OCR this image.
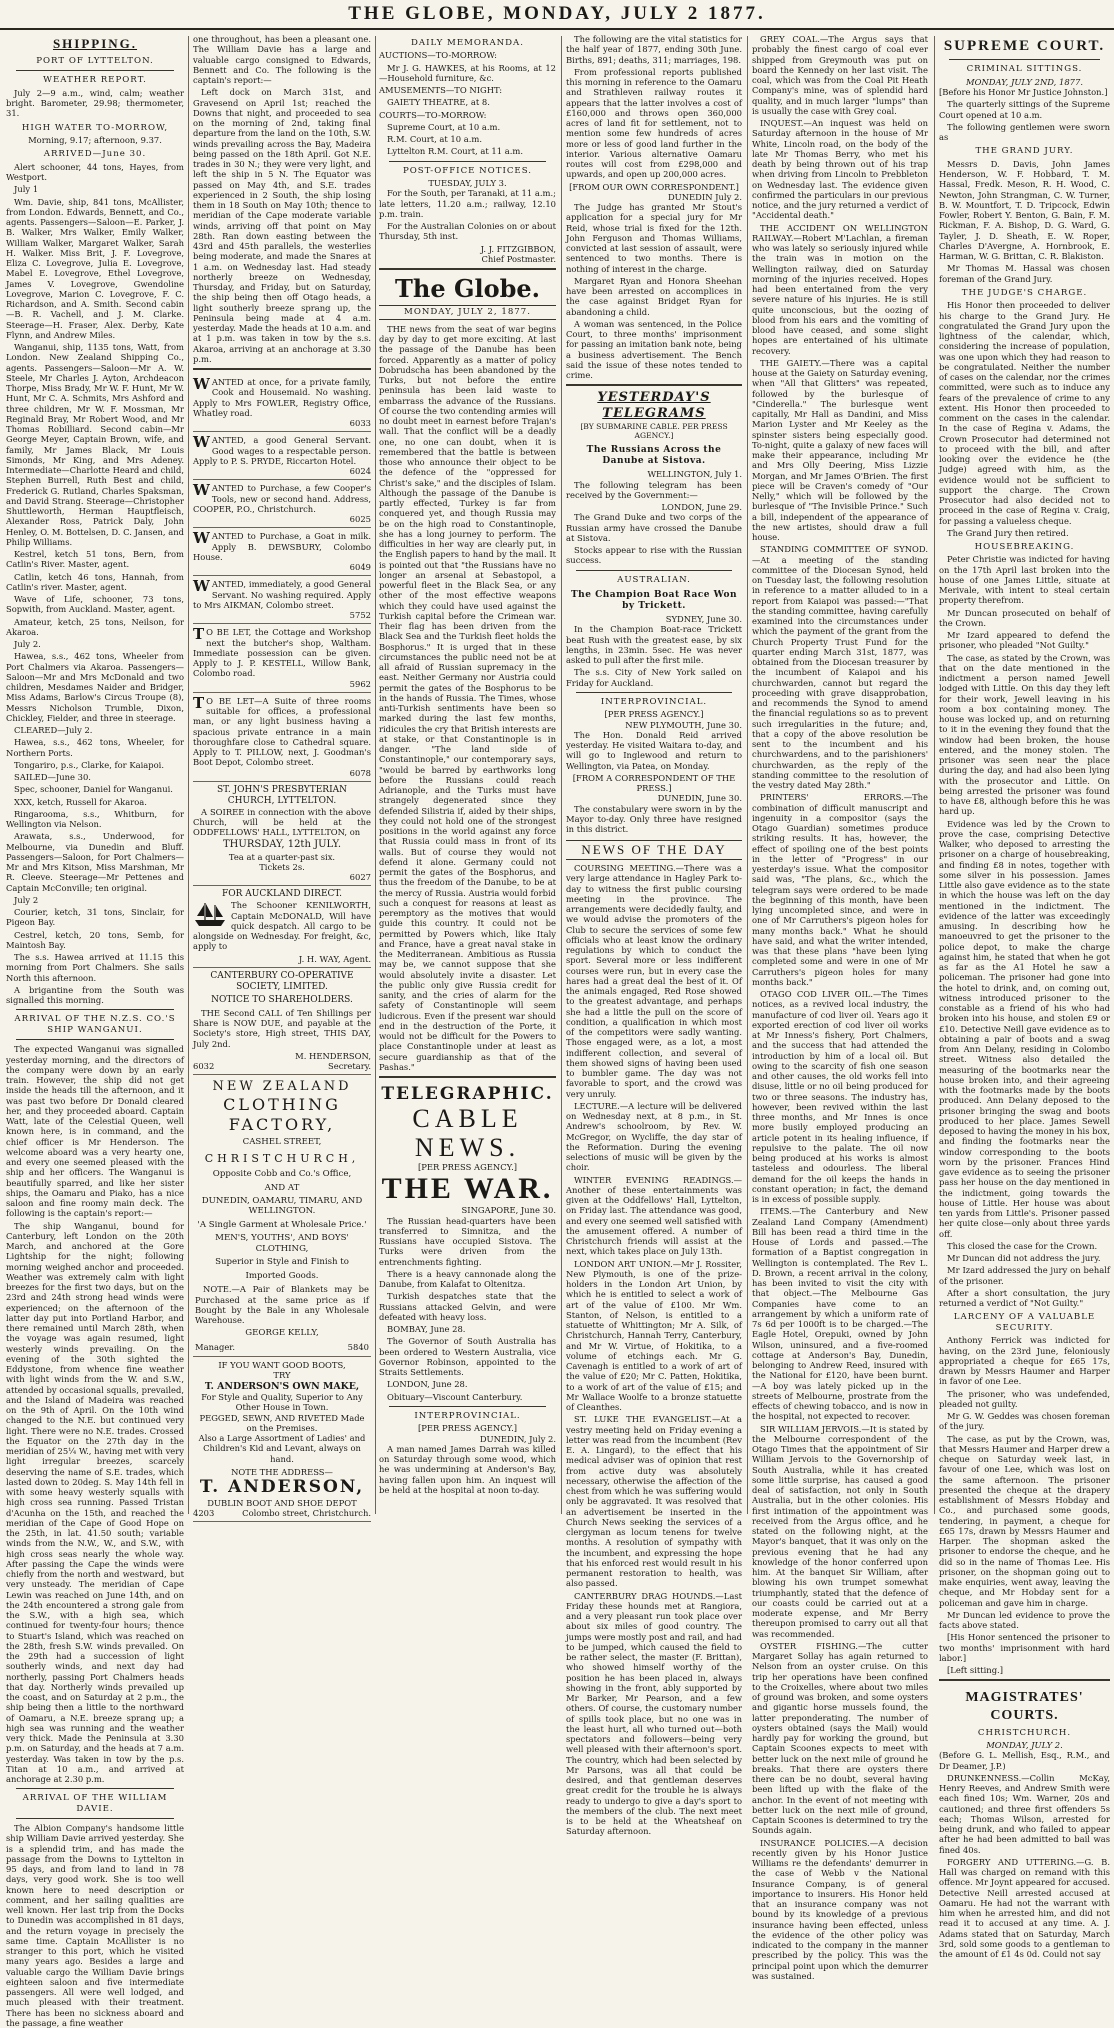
THE GLOBE, MONDAY, JULY 2 1877.
SHIPPING.
PORT OF LYTTELTON.
WEATHER REPORT.

July 2—9 a.m., wind, calm; weather bright. Barometer, 29.98; thermometer, 31.

HIGH WATER TO-MORROW,

Morning, 9.17; afternoon, 9.37.

ARRIVED—June 30.

Alert schooner, 44 tons, Hayes, from Westport.

July 1

Wm. Davie, ship, 841 tons, McAllister, from London. Edwards, Bennett, and Co., agents. Passengers—Saloon—E. Parker, J. B. Walker, Mrs Walker, Emily Walker, William Walker, Margaret Walker, Sarah H. Walker. Miss Brit, J. F. Lovegrove, Eliza C. Lovegrove, Julia E. Lovegrove, Mabel E. Lovegrove, Ethel Lovegrove, James V. Lovegrove, Gwendoline Lovegrove, Marion C. Lovegrove, F. C. Richardson, and A. Smith. Second cabin—B. R. Vachell, and J. M. Clarke. Steerage—H. Fraser, Alex. Derby, Kate Flynn, and Andrew Miles.

Wanganui, ship, 1135 tons, Watt, from London. New Zealand Shipping Co., agents. Passengers—Saloon—Mr A. W. Steele, Mr Charles J. Ayton, Archdeacon Thorpe, Miss Brady, Mr W. F. Hunt, Mr W. Hunt, Mr C. A. Schmits, Mrs Ashford and three children, Mr W. F. Mossman, Mr Reginald Bray, Mr Robert Wood, and Mr Thomas Robilliard. Second cabin—Mr George Meyer, Captain Brown, wife, and family, Mr James Black, Mr Louis Simonds, Mr King, and Mrs Adeney. Intermediate—Charlotte Heard and child, Stephen Burrell, Ruth Best and child, Frederick G. Rutland, Charles Spaksman, and David Strang. Steerage—Christopher Shuttleworth, Herman Hauptfleisch, Alexander Ross, Patrick Daly, John Henley, O. M. Bottelsen, D. C. Jansen, and Philip Williams.

Kestrel, ketch 51 tons, Bern, from Catlin's River. Master, agent.

Catlin, ketch 46 tons, Hannah, from Catlin's river. Master, agent.

Wave of Life, schooner, 73 tons, Sopwith, from Auckland. Master, agent.

Amateur, ketch, 25 tons, Neilson, for Akaroa.

July 2.

Hawea, s.s., 462 tons, Wheeler from Port Chalmers via Akaroa. Passengers—Saloon—Mr and Mrs McDonald and two children, Mesdames Naider and Bridger, Miss Adams, Barlow's Circus Troupe (8), Messrs Nicholson Trumble, Dixon, Chickley, Fielder, and three in steerage.

CLEARED—July 2.

Hawea, s.s., 462 tons, Wheeler, for Northern Ports.

Tongariro, p.s., Clarke, for Kaiapoi.

SAILED—June 30.

Spec, schooner, Daniel for Wanganui.

XXX, ketch, Russell for Akaroa.

Ringarooma, s.s., Whitburn, for Wellington via Nelson.

Arawata, s.s., Underwood, for Melbourne, via Dunedin and Bluff. Passengers—Saloon, for Port Chalmers—Mr and Mrs Kitson, Miss Marshman, Mr R. Cleeve. Steerage—Mr Pettenes and Captain McConville; ten original.

July 2

Courier, ketch, 31 tons, Sinclair, for Pigeon Bay.

Cestrel, ketch, 20 tons, Semb, for Maintosh Bay.

The s.s. Hawea arrived at 11.15 this morning from Port Chalmers. She sails North this afternoon.

A brigantine from the South was signalled this morning.

ARRIVAL OF THE N.Z.S. CO.'S SHIP WANGANUI.

The expected Wanganui was signalled yesterday morning, and the directors of the company were down by an early train. However, the ship did not get inside the heads till the afternoon, and it was past two before Dr Donald cleared her, and they proceeded aboard. Captain Watt, late of the Celestial Queen, well known here, is in command, and the chief officer is Mr Henderson. The welcome aboard was a very hearty one, and every one seemed pleased with the ship and her officers. The Wanganui is beautifully sparred, and like her sister ships, the Oamaru and Piako, has a nice saloon and fine roomy main deck. The following is the captain's report:—

The ship Wanganui, bound for Canterbury, left London on the 20th March, and anchored at the Gore Lightship for the night; following morning weighed anchor and proceeded. Weather was extremely calm with light breezes for the first two days, but on the 23rd and 24th strong head winds were experienced; on the afternoon of the latter day put into Portland Harbor, and there remained until March 28th, when the voyage was again resumed, light westerly winds prevailing. On the evening of the 30th sighted the Eddystone, from whence fine weather with light winds from the W. and S.W., attended by occasional squalls, prevailed, and the Island of Madeira was reached on the 9th of April. On the 10th wind changed to the N.E. but continued very light. There were no N.E. trades. Crossed the Equator on the 27th day in the meridian of 25¼ W., having met with very light irregular breezes, scarcely deserving the name of S.E. trades, which lasted down to 20deg. S. May 14th fell in with some heavy westerly squalls with high cross sea running. Passed Tristan d'Acunha on the 15th, and reached the meridian of the Cape of Good Hope on the 25th, in lat. 41.50 south; variable winds from the N.W., W., and S.W., with high cross seas nearly the whole way. After passing the Cape the winds were chiefly from the north and westward, but very unsteady. The meridian of Cape Lewin was reached on June 14th, and on the 24th encountered a strong gale from the S.W., with a high sea, which continued for twenty-four hours; thence to Stuart's Island, which was reached on the 28th, fresh S.W. winds prevailed. On the 29th had a succession of light southerly winds, and next day had northerly, passing Port Chalmers heads that day. Northerly winds prevailed up the coast, and on Saturday at 2 p.m., the ship being then a little to the northward of Oamaru, a N.E. breeze sprang up; a high sea was running and the weather very thick. Made the Peninsula at 3.30 p.m. on Saturday, and the heads at 7 a.m. yesterday. Was taken in tow by the p.s. Titan at 10 a.m., and arrived at anchorage at 2.30 p.m.

ARRIVAL OF THE WILLIAM DAVIE.

The Albion Company's handsome little ship William Davie arrived yesterday. She is a splendid trim, and has made the passage from the Downs to Lyttelton in 95 days, and from land to land in 78 days, very good work. She is too well known here to need description or comment, and her sailing qualities are well known. Her last trip from the Docks to Dunedin was accomplished in 81 days, and the return voyage in precisely the same time. Captain McAllister is no stranger to this port, which he visited many years ago. Besides a large and valuable cargo the William Davie brings eighteen saloon and five intermediate passengers. All were well lodged, and much pleased with their treatment. There has been no sickness aboard and the passage, a fine weather

one throughout, has been a pleasant one. The William Davie has a large and valuable cargo consigned to Edwards, Bennett and Co. The following is the captain's report:—

Left dock on March 31st, and Gravesend on April 1st; reached the Downs that night, and proceeded to sea on the morning of 2nd, taking final departure from the land on the 10th, S.W. winds prevailing across the Bay, Madeira being passed on the 18th April. Got N.E. trades in 30 N.; they were very light, and left the ship in 5 N. The Equator was passed on May 4th, and S.E. trades experienced in 2 South, the ship losing them in 18 South on May 10th; thence to meridian of the Cape moderate variable winds, arriving off that point on May 28th. Ran down easting between the 43rd and 45th parallels, the westerlies being moderate, and made the Snares at 1 a.m. on Wednesday last. Had steady northerly breeze on Wednesday, Thursday, and Friday, but on Saturday, the ship being then off Otago heads, a light southerly breeze sprang up, the Peninsula being made at 4 a.m. yesterday. Made the heads at 10 a.m. and at 1 p.m. was taken in tow by the s.s. Akaroa, arriving at an anchorage at 3.30 p.m.

WANTED at once, for a private family, Cook and Housemaid. No washing. Apply to Mrs FOWLER, Registry Office, Whatley road.
6033
WANTED, a good General Servant. Good wages to a respectable person. Apply to P. S. PRYDE, Riccarton Hotel.
6024
WANTED to Purchase, a few Cooper's Tools, new or second hand. Address, COOPER, P.O., Christchurch.
6025
WANTED to Purchase, a Goat in milk. Apply B. DEWSBURY, Colombo House.
6049
WANTED, immediately, a good General Servant. No washing required. Apply to Mrs AIKMAN, Colombo street.
5752
T O BE LET, the Cottage and Workshop next the butcher's shop, Waltham. Immediate possession can be given. Apply to J. P. KESTELL, Willow Bank, Colombo road.
5962
T O BE LET—A Suite of three rooms suitable for offices, a professional man, or any light business having a spacious private entrance in a main thoroughfare close to Cathedral square. Apply to T. PILLOW, next, J. Goodman's Boot Depot, Colombo street.
6078
ST. JOHN'S PRESBYTERIAN CHURCH, LYTTELTON.

A SOIREE in connection with the above Church, will be held at the ODDFELLOWS' HALL, LYTTELTON, on

THURSDAY, 12th JULY.
Tea at a quarter-past six.
Tickets 2s.
6027
FOR AUCKLAND DIRECT.

The Schooner KENILWORTH, Captain McDONALD, Will have quick despatch. All cargo to be alongside on Wednesday. For freight, &c, apply to

J. H. WAY, Agent.
CANTERBURY CO-OPERATIVE SOCIETY, LIMITED.
NOTICE TO SHAREHOLDERS.

THE Second CALL of Ten Shillings per Share is NOW DUE, and payable at the Society's store, High street, THIS DAY, July 2nd.

M. HENDERSON,
6032	Secretary.
NEW ZEALAND
CLOTHING FACTORY,
CASHEL STREET,
CHRISTCHURCH,
Opposite Cobb and Co.'s Office,
AND AT
DUNEDIN, OAMARU, TIMARU, AND WELLINGTON.
'A Single Garment at Wholesale Price.'
MEN'S, YOUTHS', AND BOYS' CLOTHING,
Superior in Style and Finish to
Imported Goods.

NOTE.—A Pair of Blankets may be Purchased at the same price as if Bought by the Bale in any Wholesale Warehouse.

GEORGE KELLY,
Manager.	5840
IF YOU WANT GOOD BOOTS,
TRY
T. ANDERSON'S OWN MAKE,
For Style and Quality, Superior to Any Other House in Town.
PEGGED, SEWN, AND RIVETED Made on the Premises.
Also a Large Assortment of Ladies' and Children's Kid and Levant, always on hand.
NOTE THE ADDRESS—
T. ANDERSON,
DUBLIN BOOT AND SHOE DEPOT
4203	Colombo street, Christchurch.
DAILY MEMORANDA.

AUCTIONS—TO-MORROW:

Mr J. G. HAWKES, at his Rooms, at 12—Household furniture, &c.

AMUSEMENTS—TO NIGHT:

GAIETY THEATRE, at 8.

COURTS—TO-MORROW:

Supreme Court, at 10 a.m.

R.M. Court, at 10 a.m.

Lyttelton R.M. Court, at 11 a.m.

POST-OFFICE NOTICES.
TUESDAY, JULY 3.

For the South, per Taranaki, at 11 a.m.; late letters, 11.20 a.m.; railway, 12.10 p.m. train.

For the Australian Colonies on or about Thursday, 5th inst.

J. J. FITZGIBBON,
Chief Postmaster.
The Globe.
MONDAY, JULY 2, 1877.

THE news from the seat of war begins day by day to get more exciting. At last the passage of the Danube has been forced. Apparently as a matter of policy Dobrudscha has been abandoned by the Turks, but not before the entire peninsula has been laid waste to embarrass the advance of the Russians. Of course the two contending armies will no doubt meet in earnest before Trajan's wall. That the conflict will be a deadly one, no one can doubt, when it is remembered that the battle is between those who announce their object to be the defence of the "oppressed for Christ's sake," and the disciples of Islam. Although the passage of the Danube is partly effected, Turkey is far from conquered yet, and though Russia may be on the high road to Constantinople, she has a long journey to perform. The difficulties in her way are clearly put, in the English papers to hand by the mail. It is pointed out that "the Russians have no longer an arsenal at Sebastopol, a powerful fleet in the Black Sea, or any other of the most effective weapons which they could have used against the Turkish capital before the Crimean war. Their flag has been driven from the Black Sea and the Turkish fleet holds the Bosphorus." It is urged that in these circumstances the public need not be at all afraid of Russian supremacy in the east. Neither Germany nor Austria could permit the gates of the Bosphorus to be in the hands of Russia. The Times, whose anti-Turkish sentiments have been so marked during the last few months, ridicules the cry that British interests are at stake, or that Constantinople is in danger. "The land side of Constantinople," our contemporary says, "would be barred by earthworks long before the Russians could reach Adrianople, and the Turks must have strangely degenerated since they defended Silistria if, aided by their ships, they could not hold one of the strongest positions in the world against any force that Russia could mass in front of its walls. But of course they would not defend it alone. Germany could not permit the gates of the Bosphorus, and thus the freedom of the Danube, to be at the mercy of Russia. Austria would forbid such a conquest for reasons at least as peremptory as the motives that would guide this country. It could not be permitted by Powers which, like Italy and France, have a great naval stake in the Mediterranean. Ambitious as Russia may be, we cannot suppose that she would absolutely invite a disaster. Let the public only give Russia credit for sanity, and the cries of alarm for the safety of Constantinople will seem ludicrous. Even if the present war should end in the destruction of the Porte, it would not be difficult for the Powers to place Constantinople under at least as secure guardianship as that of the Pashas."

TELEGRAPHIC.
CABLE NEWS.
[PER PRESS AGENCY.]
THE WAR.
SINGAPORE, June 30.

The Russian head-quarters have been transferred to Simnitza, and the Russians have occupied Sistova. The Turks were driven from the entrenchments fighting.

There is a heavy cannonade along the Danube, from Kalafat to Oltenitza.

Turkish despatches state that the Russians attacked Gelvin, and were defeated with heavy loss.

BOMBAY, June 28.

The Governor of South Australia has been ordered to Western Australia, vice Governor Robinson, appointed to the Straits Settlements.

LONDON, June 28.

Obituary—Viscount Canterbury.

INTERPROVINCIAL.
[PER PRESS AGENCY.]
DUNEDIN, July 2.

A man named James Darrah was killed on Saturday through some wood, which he was undermining at Anderson's Bay, having fallen upon him. An inquest will be held at the hospital at noon to-day.

The following are the vital statistics for the half year of 1877, ending 30th June. Births, 891; deaths, 311; marriages, 198.

From professional reports published this morning in reference to the Oamaru and Strathleven railway routes it appears that the latter involves a cost of £160,000 and throws open 360,000 acres of land fit for settlement, not to mention some few hundreds of acres more or less of good land further in the interior. Various alternative Oamaru routes will cost from £298,000 and upwards, and open up 200,000 acres.

[FROM OUR OWN CORRESPONDENT.]
DUNEDIN July 2.

The Judge has granted Mr Stout's application for a special jury for Mr Reid, whose trial is fixed for the 12th. John Ferguson and Thomas Williams, convicted at last session of assault, were sentenced to two months. There is nothing of interest in the charge.

Margaret Ryan and Honora Sheehan have been arrested on accomplices in the case against Bridget Ryan for abandoning a child.

A woman was sentenced, in the Police Court, to three months' imprisonment for passing an imitation bank note, being a business advertisement. The Bench said the issue of these notes tended to crime.

YESTERDAY'S TELEGRAMS
[BY SUBMARINE CABLE. PER PRESS AGENCY.]
The Russians Across the Danube at Sistova.
WELLINGTON, July 1.

The following telegram has been received by the Government:—

LONDON, June 29.

The Grand Duke and two corps of the Russian army have crossed the Danube at Sistova.

Stocks appear to rise with the Russian success.

AUSTRALIAN.
The Champion Boat Race Won by Trickett.
SYDNEY, June 30.

In the Champion Boat-race Trickett beat Rush with the greatest ease, by six lengths, in 23min. 5sec. He was never asked to pull after the first mile.

The s.s. City of New York sailed on Friday for Auckland.

INTERPROVINCIAL.
[PER PRESS AGENCY.]
NEW PLYMOUTH, June 30.

The Hon. Donald Reid arrived yesterday. He visited Waitara to-day, and will go to Inglewood and return to Wellington, via Patea, on Monday.

[FROM A CORRESPONDENT OF THE PRESS.]
DUNEDIN, June 30.

The constabulary were sworn in by the Mayor to-day. Only three have resigned in this district.

NEWS OF THE DAY

COURSING MEETING.—There was a very large attendance in Hagley Park to-day to witness the first public coursing meeting in the province. The arrangements were decidedly faulty, and we would advise the promoters of the Club to secure the services of some few officials who at least know the ordinary regulations by which to conduct the sport. Several more or less indifferent courses were run, but in every case the hares had a great deal the best of it. Of the animals engaged, Red Rose showed to the greatest advantage, and perhaps she had a little the pull on the score of condition, a qualification in which most of the competitors were sadly wanting. Those engaged were, as a lot, a most indifferent collection, and several of them showed signs of having been used to bumbler game. The day was not favorable to sport, and the crowd was very unruly.

LECTURE.—A lecture will be delivered on Wednesday next, at 8 p.m., in St. Andrew's schoolroom, by Rev. W. McGregor, on Wycliffe, the day star of the Reformation. During the evening selections of music will be given by the choir.

WINTER EVENING READINGS.—Another of these entertainments was given at the Oddfellows' Hall, Lyttelton, on Friday last. The attendance was good, and every one seemed well satisfied with the amusement offered. A number of Christchurch friends will assist at the next, which takes place on July 13th.

LONDON ART UNION.—Mr J. Rossiter, New Plymouth, is one of the prize-holders in the London Art Union, by which he is entitled to select a work of art of the value of £100. Mr Wm. Stanton, of Nelson, is entitled to a statuette of Whittington; Mr A. Silk, of Christchurch, Hannah Terry, Canterbury, and Mr W. Virtue, of Hokitika, to a volume of etchings each. Mr G. Cavenagh is entitled to a work of art of the value of £20; Mr C. Patten, Hokitika, to a work of art of the value of £15; and Mr Wallace Woolfe to a bronze statuette of Cleanthes.

ST. LUKE THE EVANGELIST.—At a vestry meeting held on Friday evening a letter was read from the incumbent (Rev E. A. Lingard), to the effect that his medical adviser was of opinion that rest from active duty was absolutely necessary, otherwise the affection of the chest from which he was suffering would only be aggravated. It was resolved that an advertisement be inserted in the Church News seeking the services of a clergyman as locum tenens for twelve months. A resolution of sympathy with the incumbent, and expressing the hope that his enforced rest would result in his permanent restoration to health, was also passed.

CANTERBURY DRAG HOUNDS.—Last Friday these hounds met at Rangiora, and a very pleasant run took place over about six miles of good country. The jumps were mostly post and rail, and had to be jumped, which caused the field to be rather select, the master (F. Brittan), who showed himself worthy of the position he has been placed in, always showing in the front, ably supported by Mr Barker, Mr Pearson, and a few others. Of course, the customary number of spills took place, but no one was in the least hurt, all who turned out—both spectators and followers—being very well pleased with their afternoon's sport. The country, which had been selected by Mr Parsons, was all that could be desired, and that gentleman deserves great credit for the trouble he is always ready to undergo to give a day's sport to the members of the club. The next meet is to be held at the Wheatsheaf on Saturday afternoon.

GREY COAL.—The Argus says that probably the finest cargo of coal ever shipped from Greymouth was put on board the Kennedy on her last visit. The coal, which was from the Coal Pit Heath Company's mine, was of splendid hard quality, and in much larger "lumps" than is usually the case with Grey coal.

INQUEST.—An inquest was held on Saturday afternoon in the house of Mr White, Lincoln road, on the body of the late Mr Thomas Berry, who met his death by being thrown out of his trap when driving from Lincoln to Prebbleton on Wednesday last. The evidence given confirmed the particulars in our previous notice, and the jury returned a verdict of "Accidental death."

THE ACCIDENT ON WELLINGTON RAILWAY.—Robert M'Lachlan, a fireman who was lately so seriously injured while the train was in motion on the Wellington railway, died on Saturday morning of the injuries received. Hopes had been entertained from the very severe nature of his injuries. He is still quite unconscious, but the oozing of blood from his ears and the vomiting of blood have ceased, and some slight hopes are entertained of his ultimate recovery.

THE GAIETY.—There was a capital house at the Gaiety on Saturday evening, when "All that Glitters" was repeated, followed by the burlesque of "Cinderella." The burlesque went capitally, Mr Hall as Dandini, and Miss Marion Lyster and Mr Keeley as the spinster sisters being especially good. To-night, quite a galaxy of new faces will make their appearance, including Mr and Mrs Olly Deering, Miss Lizzie Morgan, and Mr James O'Brien. The first piece will be Craven's comedy of "Our Nelly," which will be followed by the burlesque of "The Invisible Prince." Such a bill, independent of the appearance of the new artistes, should draw a full house.

STANDING COMMITTEE OF SYNOD.—At a meeting of the standing committee of the Diocesan Synod, held on Tuesday last, the following resolution in reference to a matter alluded to in a report from Kaiapoi was passed:—"That the standing committee, having carefully examined into the circumstances under which the payment of the grant from the Church Property Trust Fund for the quarter ending March 31st, 1877, was obtained from the Diocesan treasurer by the incumbent of Kaiapoi and his churchwarden, cannot but regard the proceeding with grave disapprobation, and recommends the Synod to amend the financial regulations so as to prevent such irregularities in the future; and, that a copy of the above resolution be sent to the incumbent and his churchwardens, and to the parishioners' churchwarden, as the reply of the standing committee to the resolution of the vestry dated May 28th."

PRINTERS' ERRORS.—The combination of difficult manuscript and ingenuity in a compositor (says the Otago Guardian) sometimes produce striking results. It has, however, the effect of spoiling one of the best points in the letter of "Progress" in our yesterday's issue. What the compositor said was, "The plans, &c., which the telegram says were ordered to be made the beginning of this month, have been lying uncompleted since, and were in one of Mr Carruthers's pigeon holes for many months back." What he should have said, and what the writer intended, was that these plans "have been lying completed some and were in one of Mr Carruthers's pigeon holes for many months back."

OTAGO COD LIVER OIL.—The Times notices, as a revived local industry, the manufacture of cod liver oil. Years ago it exported erection of cod liver oil works at Mr Inness's fishery, Port Chalmers, and the success that had attended the introduction by him of a local oil. But owing to the scarcity of fish one season and other causes, the old works fell into disuse, little or no oil being produced for two or three seasons. The industry has, however, been revived within the last three months, and Mr Innes is once more busily employed producing an article potent in its healing influence, if repulsive to the palate. The oil now being produced at his works is almost tasteless and odourless. The liberal demand for the oil keeps the hands in constant operation; in fact, the demand is in excess of possible supply.

ITEMS.—The Canterbury and New Zealand Land Company (Amendment) Bill has been read a third time in the House of Lords and passed.—The formation of a Baptist congregation in Wellington is contemplated. The Rev L. D. Brown, a recent arrival in the colony, has been invited to visit the city with that object.—The Melbourne Gas Companies have come to an arrangement by which a uniform rate of 7s 6d per 1000ft is to be charged.—The Eagle Hotel, Orepuki, owned by John Wilson, uninsured, and a five-roomed cottage at Anderson's Bay, Dunedin, belonging to Andrew Reed, insured with the National for £120, have been burnt.—A boy was lately picked up in the streets of Melbourne, prostrate from the effects of chewing tobacco, and is now in the hospital, not expected to recover.

SIR WILLIAM JERVOIS.—It is stated by the Melbourne correspondent of the Otago Times that the appointment of Sir William Jervois to the Governorship of South Australia, while it has created some little surprise, has caused a good deal of satisfaction, not only in South Australia, but in the other colonies. His first intimation of the appointment was received from the Argus office, and he stated on the following night, at the Mayor's banquet, that it was only on the previous evening that he had any knowledge of the honor conferred upon him. At the banquet Sir William, after blowing his own trumpet somewhat triumphantly, stated that the defence of our coasts could be carried out at a moderate expense, and Mr Berry thereupon promised to carry out all that was recommended.

OYSTER FISHING.—The cutter Margaret Sollay has again returned to Nelson from an oyster cruise. On this trip her operations have been confined to the Croixelles, where about two miles of ground was broken, and some oysters and gigantic horse mussels found, the latter preponderating. The number of oysters obtained (says the Mail) would hardly pay for working the ground, but Captain Scoones expects to meet with better luck on the next mile of ground he breaks. That there are oysters there there can be no doubt, several having been lifted up with the flake of the anchor. In the event of not meeting with better luck on the next mile of ground, Captain Scoones is determined to try the Sounds again.

INSURANCE POLICIES.—A decision recently given by his Honor Justice Williams re the defendants' demurrer in the case of Webb v the National Insurance Company, is of general importance to insurers. His Honor held that an insurance company was not bound by its knowledge of a previous insurance having been effected, unless the evidence of the other policy was indicated to the company in the manner prescribed by the policy. This was the principal point upon which the demurrer was sustained.

SUPREME COURT.
CRIMINAL SITTINGS.
MONDAY, JULY 2ND, 1877.

[Before his Honor Mr Justice Johnston.]

The quarterly sittings of the Supreme Court opened at 10 a.m.

The following gentlemen were sworn as

THE GRAND JURY.

Messrs D. Davis, John James Henderson, W. F. Hobbard, T. M. Hassal, Fredk. Meson, R. H. Wood, C. Newton, John Strangman, C. W. Turner, B. W. Mountfort, T. D. Tripcock, Edwin Fowler, Robert Y. Benton, G. Bain, F. M. Rickman, F. A. Bishop, D. G. Ward, G. Tayler, J. D. Sheath, E. W. Roper, Charles D'Avergne, A. Hornbrook, E. Harman, W. G. Brittan, C. R. Blakiston.

Mr Thomas M. Hassal was chosen foreman of the Grand Jury.

THE JUDGE'S CHARGE.

His Honor then proceeded to deliver his charge to the Grand Jury. He congratulated the Grand Jury upon the lightness of the calendar, which, considering the increase of population, was one upon which they had reason to be congratulated. Neither the number of cases on the calendar, nor the crimes committed, were such as to induce any fears of the prevalence of crime to any extent. His Honor then proceeded to comment on the cases in the calendar. In the case of Regina v. Adams, the Crown Prosecutor had determined not to proceed with the bill, and after looking over the evidence he (the Judge) agreed with him, as the evidence would not be sufficient to support the charge. The Crown Prosecutor had also decided not to proceed in the case of Regina v. Craig, for passing a valueless cheque.

The Grand Jury then retired.

HOUSEBREAKING.

Peter Christie was indicted for having on the 17th April last broken into the house of one James Little, situate at Merivale, with intent to steal certain property therefrom.

Mr Duncan prosecuted on behalf of the Crown.

Mr Izard appeared to defend the prisoner, who pleaded "Not Guilty."

The case, as stated by the Crown, was that on the date mentioned in the indictment a person named Jewell lodged with Little. On this day they left for their work, Jewell leaving in his room a box containing money. The house was locked up, and on returning to it in the evening they found that the window had been broken, the house entered, and the money stolen. The prisoner was seen near the place during the day, and had also been lying with the prosecutor and Little. On being arrested the prisoner was found to have £8, although before this he was hard up.

Evidence was led by the Crown to prove the case, comprising Detective Walker, who deposed to arresting the prisoner on a charge of housebreaking, and finding £8 in notes, together with some silver in his possession. James Little also gave evidence as to the state in which the house was left on the day mentioned in the indictment. The evidence of the latter was exceedingly amusing. In describing how he manoeuvred to get the prisoner to the police depot, to make the charge against him, he stated that when he got as far as the A1 Hotel he saw a policeman. The prisoner had gone into the hotel to drink, and, on coming out, witness introduced prisoner to the constable as a friend of his who had broken into his house, and stolen £9 or £10. Detective Neill gave evidence as to obtaining a pair of boots and a swag from Ann Delany, residing in Colombo street. Witness also detailed the measuring of the bootmarks near the house broken into, and their agreeing with the footmarks made by the boots produced. Ann Delany deposed to the prisoner bringing the swag and boots produced to her place. James Sewell deposed to having the money in his box, and finding the footmarks near the window corresponding to the boots worn by the prisoner. Frances Hind gave evidence as to seeing the prisoner pass her house on the day mentioned in the indictment, going towards the house of Little. Her house was about ten yards from Little's. Prisoner passed her quite close—only about three yards off.

This closed the case for the Crown.

Mr Duncan did not address the jury.

Mr Izard addressed the jury on behalf of the prisoner.

After a short consultation, the jury returned a verdict of "Not Guilty."

LARCENY OF A VALUABLE SECURITY.

Anthony Ferrick was indicted for having, on the 23rd June, feloniously appropriated a cheque for £65 17s, drawn by Messrs Haumer and Harper in favor of one Lee.

The prisoner, who was undefended, pleaded not guilty.

Mr G. W. Geddes was chosen foreman of the jury.

The case, as put by the Crown, was, that Messrs Haumer and Harper drew a cheque on Saturday week last, in favour of one Lee, which was lost on the same afternoon. The prisoner presented the cheque at the drapery establishment of Messrs Hobday and Co., and purchased some goods, tendering, in payment, a cheque for £65 17s, drawn by Messrs Haumer and Harper. The shopman asked the prisoner to endorse the cheque, and he did so in the name of Thomas Lee. His prisoner, on the shopman going out to make enquiries, went away, leaving the cheque, and Mr Hobday sent for a policeman and gave him in charge.

Mr Duncan led evidence to prove the facts above stated.

[His Honor sentenced the prisoner to two months' imprisonment with hard labor.]

[Left sitting.]

MAGISTRATES' COURTS.
CHRISTCHURCH.
MONDAY, JULY 2.

(Before G. L. Mellish, Esq., R.M., and Dr Deamer, J.P.)

DRUNKENNESS.—Collin McKay, Henry Reeves, and Andrew Smith were each fined 10s; Wm. Warner, 20s and cautioned; and three first offenders 5s each; Thomas Wilson, arrested for being drunk, and who failed to appear after he had been admitted to bail was fined 40s.

FORGERY AND UTTERING.—G. B. Hall was charged on remand with this offence. Mr Joynt appeared for accused. Detective Neill arrested accused at Oamaru. He had not the warrant with him when he arrested him, and did not read it to accused at any time. A. J. Adams stated that on Saturday, March 3rd, sold some goods to a gentleman to the amount of £1 4s 0d. Could not say
